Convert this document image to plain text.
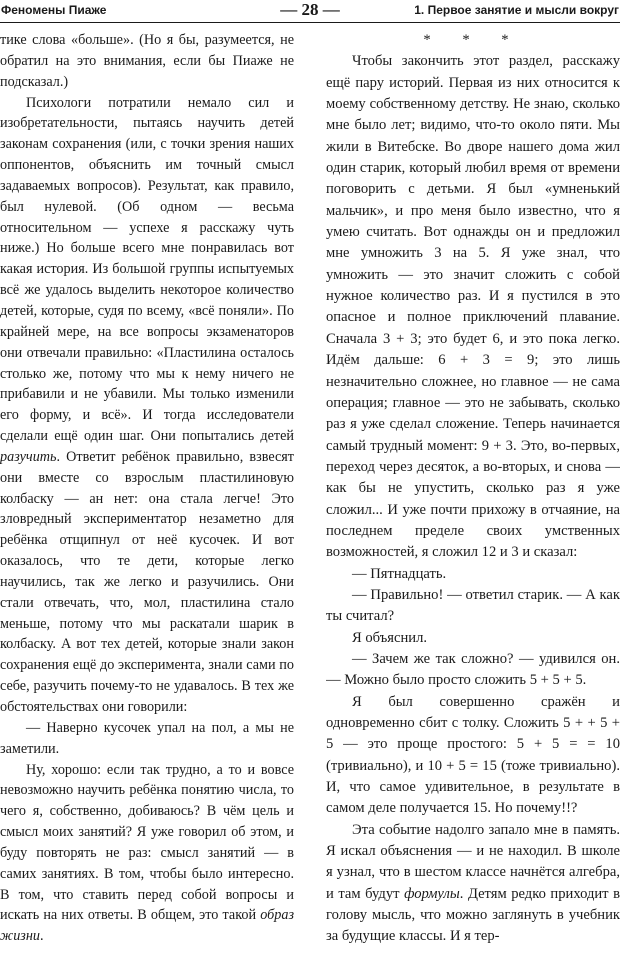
Феномены Пиаже	— 28 —	1. Первое занятие и мысли вокруг

тике слова «больше». (Но я бы, разумеется, не обратил на это внимания, если бы Пиаже не подсказал.)

Психологи потратили немало сил и изобретательности, пытаясь научить детей законам сохранения (или, с точки зрения наших оппонентов, объяснить им точный смысл задаваемых вопросов). Результат, как правило, был нулевой. (Об одном — весьма относительном — успехе я расскажу чуть ниже.) Но больше всего мне понравилась вот какая история. Из большой группы испытуемых всё же удалось выделить некоторое количество детей, которые, судя по всему, «всё поняли». По крайней мере, на все вопросы экзаменаторов они отвечали правильно: «Пластилина осталось столько же, потому что мы к нему ничего не прибавили и не убавили. Мы только изменили его форму, и всё». И тогда исследователи сделали ещё один шаг. Они попытались детей разучить. Ответит ребёнок правильно, взвесят они вместе со взрослым пластилиновую колбаску — ан нет: она стала легче! Это зловредный экспериментатор незаметно для ребёнка отщипнул от неё кусочек. И вот оказалось, что те дети, которые легко научились, так же легко и разучились. Они стали отвечать, что, мол, пластилина стало меньше, потому что мы раскатали шарик в колбаску. А вот тех детей, которые знали закон сохранения ещё до эксперимента, знали сами по себе, разучить почему-то не удавалось. В тех же обстоятельствах они говорили:

— Наверно кусочек упал на пол, а мы не заметили.

Ну, хорошо: если так трудно, а то и вовсе невозможно научить ребёнка понятию числа, то чего я, собственно, добиваюсь? В чём цель и смысл моих занятий? Я уже говорил об этом, и буду повторять не раз: смысл занятий — в самих занятиях. В том, чтобы было интересно. В том, что ставить перед собой вопросы и искать на них ответы. В общем, это такой образ жизни.

* * *

Чтобы закончить этот раздел, расскажу ещё пару историй. Первая из них относится к моему собственному детству. Не знаю, сколько мне было лет; видимо, что-то около пяти. Мы жили в Витебске. Во дворе нашего дома жил один старик, который любил время от времени поговорить с детьми. Я был «умненький мальчик», и про меня было известно, что я умею считать. Вот однажды он и предложил мне умножить 3 на 5. Я уже знал, что умножить — это значит сложить с собой нужное количество раз. И я пустился в это опасное и полное приключений плавание. Сначала 3 + 3; это будет 6, и это пока легко. Идём дальше: 6 + 3 = 9; это лишь незначительно сложнее, но главное — не сама операция; главное — это не забывать, сколько раз я уже сделал сложение. Теперь начинается самый трудный момент: 9 + 3. Это, во-первых, переход через десяток, а во-вторых, и снова — как бы не упустить, сколько раз я уже сложил... И уже почти прихожу в отчаяние, на последнем пределе своих умственных возможностей, я сложил 12 и 3 и сказал:

— Пятнадцать.

— Правильно! — ответил старик. — А как ты считал?

Я объяснил.

— Зачем же так сложно? — удивился он. — Можно было просто сложить 5 + 5 + 5.

Я был совершенно сражён и одновременно сбит с толку. Сложить 5 + + 5 + 5 — это проще простого: 5 + 5 = = 10 (тривиально), и 10 + 5 = 15 (тоже тривиально). И, что самое удивительное, в результате в самом деле получается 15. Но почему!!?

Эта событие надолго запало мне в память. Я искал объяснения — и не находил. В школе я узнал, что в шестом классе начнётся алгебра, и там будут формулы. Детям редко приходит в голову мысль, что можно заглянуть в учебник за будущие классы. И я тер-
